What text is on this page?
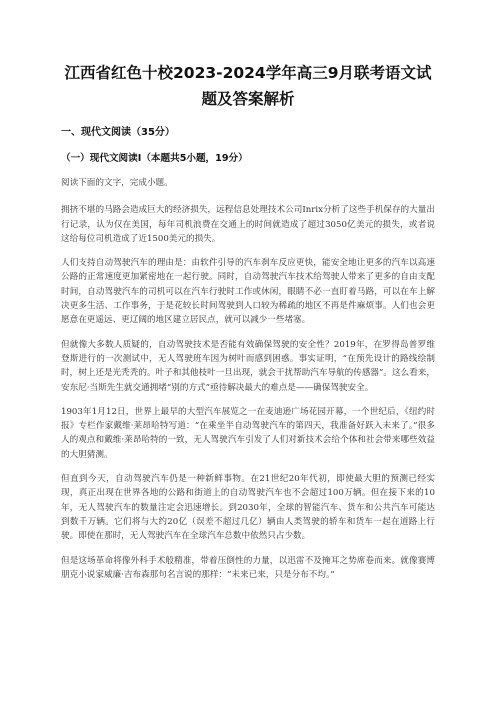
江西省红色十校2023-2024学年高三9月联考语文试题及答案解析
一、现代文阅读（35分）
（一）现代文阅读Ⅰ（本题共5小题，19分）

阅读下面的文字，完成小题。

拥挤不堪的马路会造成巨大的经济损失，远程信息处理技术公司Inrix分析了这些手机保存的大量出行记录，认为仅在美国，每年司机浪费在交通上的时间就造成了超过3050亿美元的损失，或者说这给每位司机造成了近1500美元的损失。

人们支持自动驾驶汽车的理由是：由软件引导的汽车刹车反应更快，能安全地让更多的汽车以高速公路的正常速度更加紧密地在一起行驶。同时，自动驾驶汽车技术给驾驶人带来了更多的自由支配时间，自动驾驶汽车的司机可以在汽车行驶时工作或休闲，眼睛不必一直盯着马路，可以在车上解决更多生活、工作事务，于是花较长时间驾驶到人口较为稀疏的地区不再是件麻烦事。人们也会更愿意在更遥远、更辽阔的地区建立居民点，就可以减少一些堵塞。

但就像大多数人质疑的，自动驾驶技术是否能有效确保驾驶的安全性？2019年，在罗得岛普罗维登斯进行的一次测试中，无人驾驶班车因为树叶而感到困惑。事实证明，“在预先设计的路线绘制时，树上还是光秃秃的。叶子和其他枝叶一旦出现，就会干扰帮助汽车导航的传感器”。这么看来，安东尼·当斯先生就交通拥堵“别的方式”亟待解决最大的难点是——确保驾驶安全。

1903年1月12日，世界上最早的大型汽车展览之一在麦迪逊广场花园开幕，一个世纪后，《纽约时报》专栏作家戴维·莱昂哈特写道：“在乘坐半自动驾驶汽车的第四天，我准备好跃入未来了。”很多人的观点和戴维·莱昂哈特的一致，无人驾驶汽车引发了人们对新技术会给个体和社会带来哪些效益的大胆猜测。

但直到今天，自动驾驶汽车仍是一种新鲜事物。在21世纪20年代初，即使最大胆的预测已经实现，真正出现在世界各地的公路和街道上的自动驾驶汽车也不会超过100万辆。但在接下来的10年，无人驾驶汽车的数量注定会迅速增长。到2030年，全球的智能汽车、货车和公共汽车可能达到数千万辆。它们将与大约20亿（误差不超过几亿）辆由人类驾驶的轿车和货车一起在道路上行驶。即使在那时，无人驾驶汽车在全球汽车总数中依然只占少数。

但是这场革命将像外科手术般精准，带着压倒性的力量，以迅雷不及掩耳之势席卷而来。就像赛博朋克小说家威廉·吉布森那句名言说的那样：“未来已来，只是分布不均。”
